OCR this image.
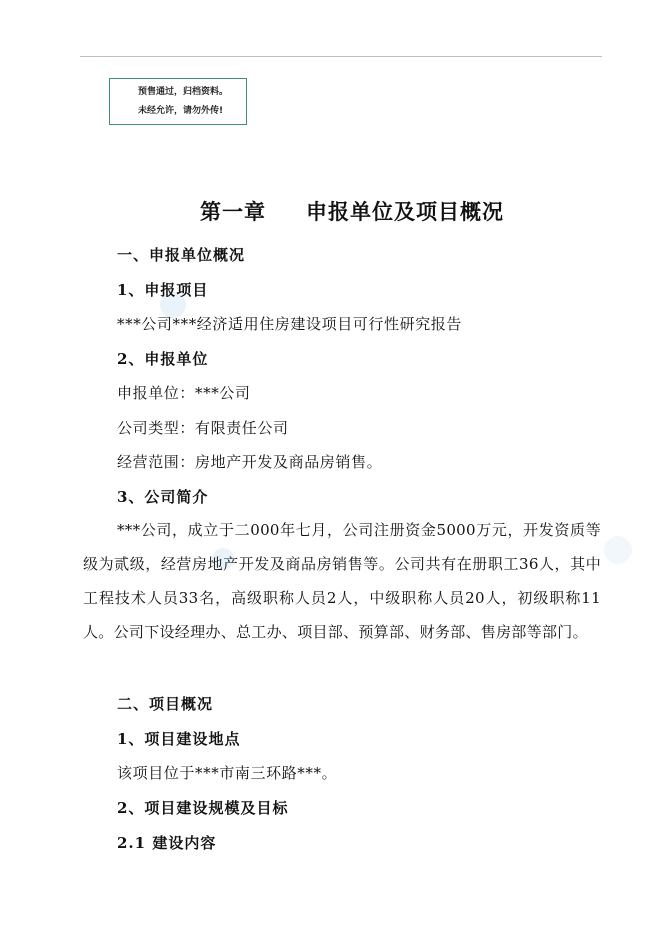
预售通过，归档资料。
未经允许，请勿外传!
第一章 申报单位及项目概况
一、申报单位概况
1、申报项目
***公司***经济适用住房建设项目可行性研究报告
2、申报单位
申报单位：***公司
公司类型：有限责任公司
经营范围：房地产开发及商品房销售。
3、公司简介
***公司，成立于二000年七月，公司注册资金5000万元，开发资质等级为贰级，经营房地产开发及商品房销售等。公司共有在册职工36人，其中工程技术人员33名，高级职称人员2人，中级职称人员20人，初级职称11人。公司下设经理办、总工办、项目部、预算部、财务部、售房部等部门。
二、项目概况
1、项目建设地点
该项目位于***市南三环路***。
2、项目建设规模及目标
2.1 建设内容
